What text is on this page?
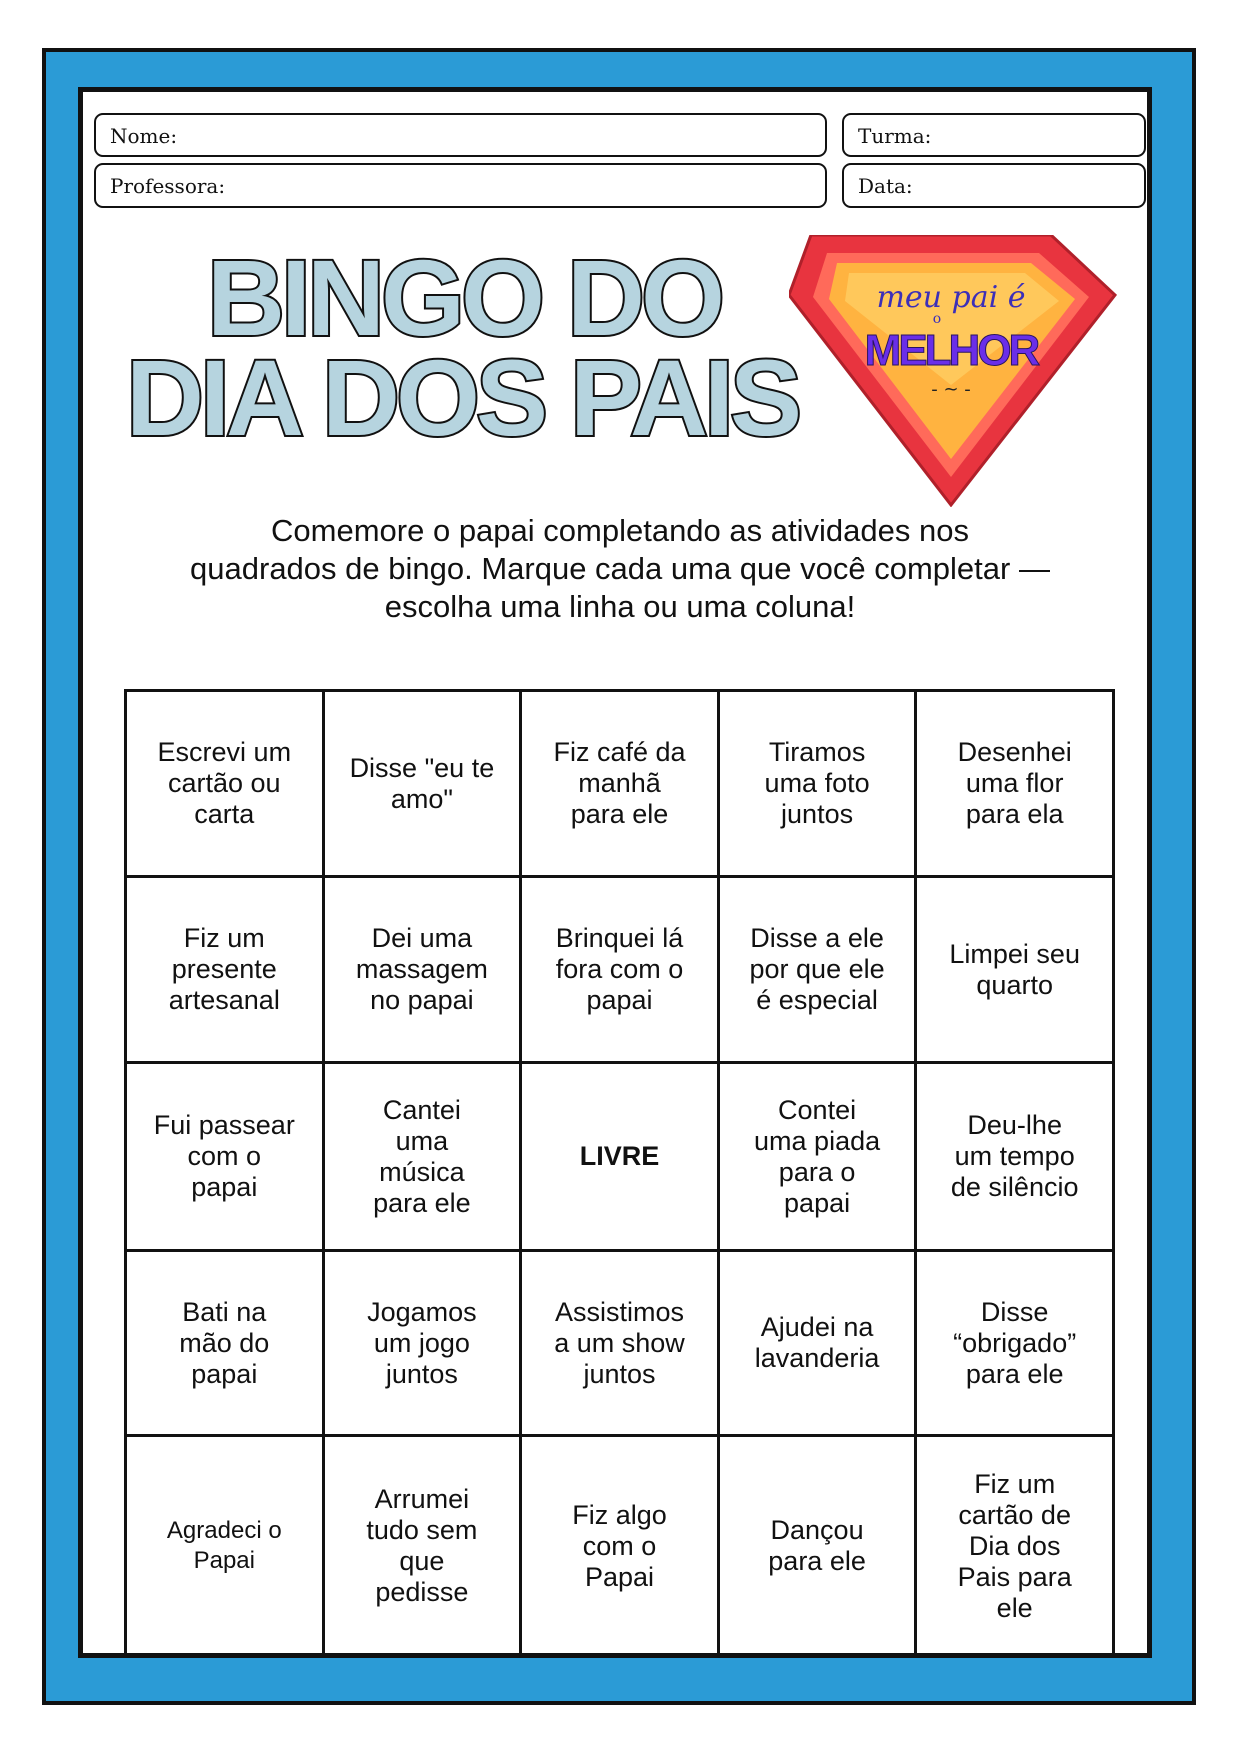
Nome:	Turma:
Professora:	Data:
BINGO DO
DIA DOS PAIS
meu pai é
o
MELHOR
- ~ -
Comemore o papai completando as atividades nos
quadrados de bingo. Marque cada uma que você completar —
escolha uma linha ou uma coluna!
Escrevi um
cartão ou
carta	Disse "eu te
amo"	Fiz café da
manhã
para ele	Tiramos
uma foto
juntos	Desenhei
uma flor
para ela
Fiz um
presente
artesanal	Dei uma
massagem
no papai	Brinquei lá
fora com o
papai	Disse a ele
por que ele
é especial	Limpei seu
quarto
Fui passear
com o
papai	Cantei
uma
música
para ele	LIVRE	Contei
uma piada
para o
papai	Deu-lhe
um tempo
de silêncio
Bati na
mão do
papai	Jogamos
um jogo
juntos	Assistimos
a um show
juntos	Ajudei na
lavanderia	Disse
“obrigado”
para ele
Agradeci o
Papai	Arrumei
tudo sem
que
pedisse	Fiz algo
com o
Papai	Dançou
para ele	Fiz um
cartão de
Dia dos
Pais para
ele
